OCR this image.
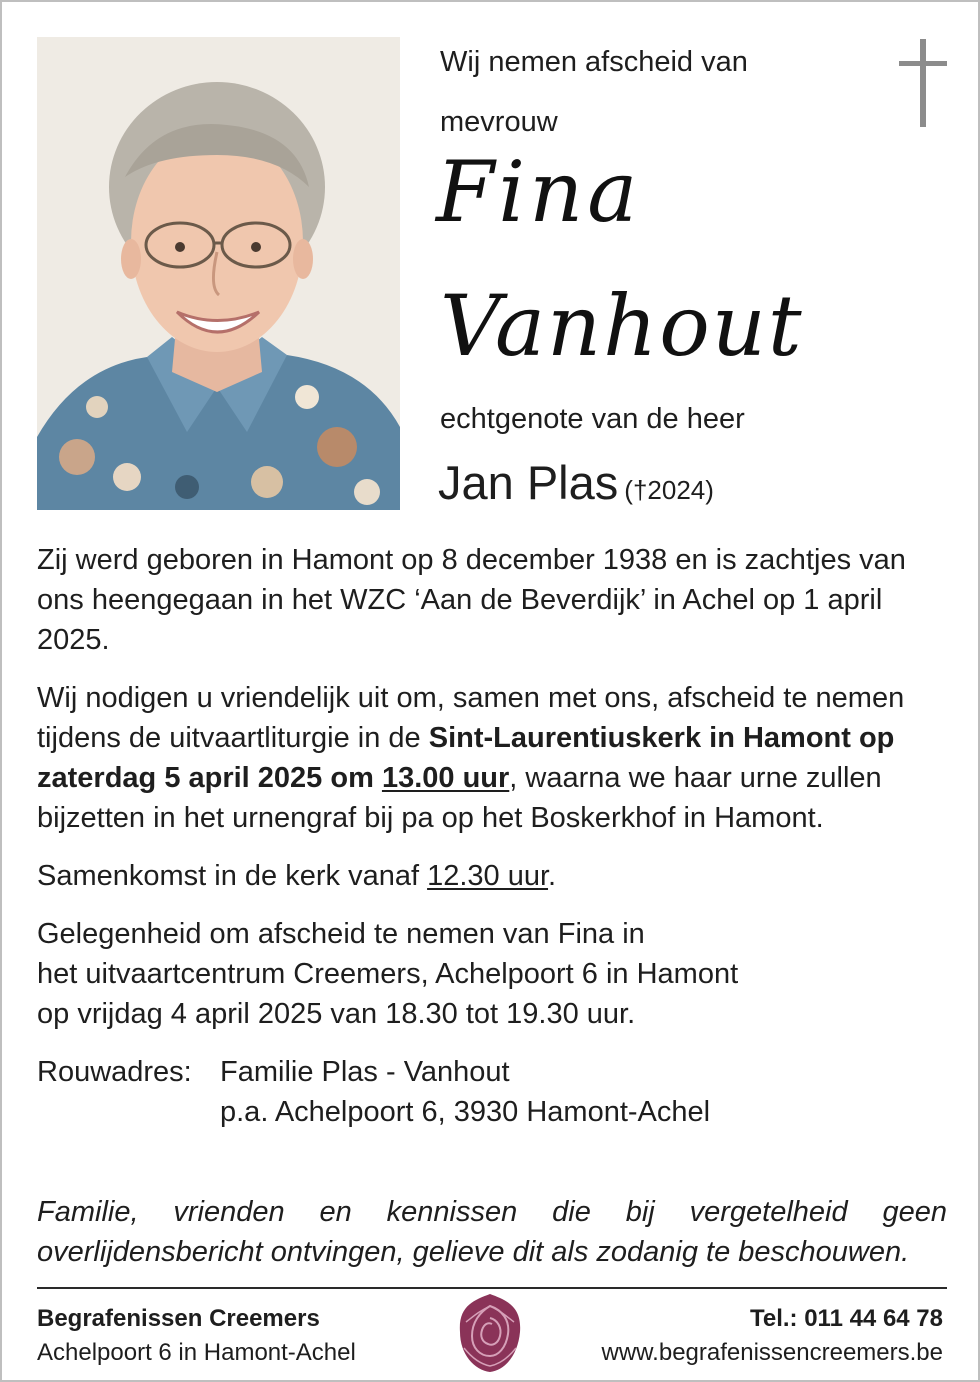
Wij nemen afscheid van
mevrouw
Fina
Vanhout
echtgenote van de heer
Jan Plas (†2024)

Zij werd geboren in Hamont op 8 december 1938 en is zachtjes van ons heengegaan in het WZC ‘Aan de Beverdijk’ in Achel op 1 april 2025.

Wij nodigen u vriendelijk uit om, samen met ons, afscheid te nemen tijdens de uitvaartliturgie in de Sint-Laurentiuskerk in Hamont op zaterdag 5 april 2025 om 13.00 uur, waarna we haar urne zullen bijzetten in het urnengraf bij pa op het Boskerkhof in Hamont.

Samenkomst in de kerk vanaf 12.30 uur.

Gelegenheid om afscheid te nemen van Fina in
het uitvaartcentrum Creemers, Achelpoort 6 in Hamont
op vrijdag 4 april 2025 van 18.30 tot 19.30 uur.

Rouwadres: Familie Plas - Vanhout
p.a. Achelpoort 6, 3930 Hamont-Achel
Familie, vrienden en kennissen die bij vergetelheid geen overlijdensbericht ontvingen, gelieve dit als zodanig te beschouwen.
Begrafenissen Creemers
Achelpoort 6 in Hamont-Achel
Tel.: 011 44 64 78
www.begrafenissencreemers.be
